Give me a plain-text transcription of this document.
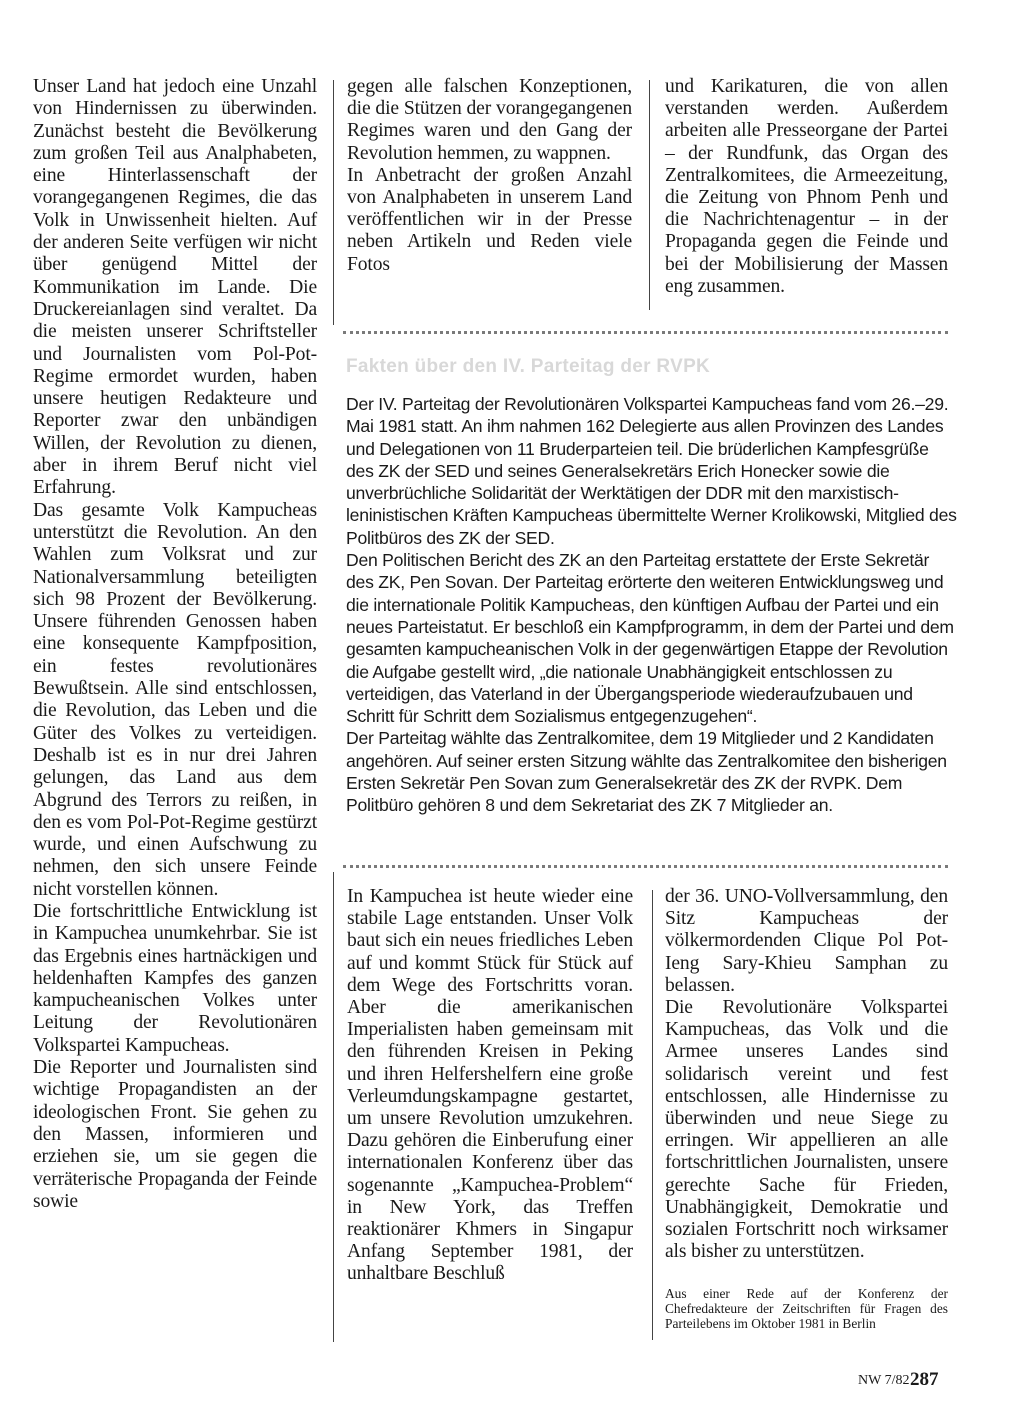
Unser Land hat jedoch eine Unzahl von Hindernissen zu überwinden. Zunächst besteht die Bevölkerung zum großen Teil aus Analphabeten, eine Hinterlassenschaft der vorangegangenen Regimes, die das Volk in Unwissenheit hielten. Auf der anderen Seite verfügen wir nicht über genügend Mittel der Kommunikation im Lande. Die Druckereianlagen sind veraltet. Da die meisten unserer Schriftsteller und Journalisten vom Pol-Pot-Regime ermordet wurden, haben unsere heutigen Redakteure und Reporter zwar den unbändigen Willen, der Revolution zu dienen, aber in ihrem Beruf nicht viel Erfahrung.

Das gesamte Volk Kampucheas unterstützt die Revolution. An den Wahlen zum Volksrat und zur Nationalversammlung beteiligten sich 98 Prozent der Bevölkerung. Unsere führenden Genossen haben eine konsequente Kampfposition, ein festes revolutionäres Bewußtsein. Alle sind entschlossen, die Revolution, das Leben und die Güter des Volkes zu verteidigen. Deshalb ist es in nur drei Jahren gelungen, das Land aus dem Abgrund des Terrors zu reißen, in den es vom Pol-Pot-Regime gestürzt wurde, und einen Aufschwung zu nehmen, den sich unsere Feinde nicht vorstellen können.

Die fortschrittliche Entwicklung ist in Kampuchea unumkehrbar. Sie ist das Ergebnis eines hartnäckigen und heldenhaften Kampfes des ganzen kampucheanischen Volkes unter Leitung der Revolutionären Volkspartei Kampucheas.

Die Reporter und Journalisten sind wichtige Propagandisten an der ideologischen Front. Sie gehen zu den Massen, informieren und erziehen sie, um sie gegen die verräterische Propaganda der Feinde sowie

gegen alle falschen Konzeptionen, die die Stützen der vorangegangenen Regimes waren und den Gang der Revolution hemmen, zu wappnen.

In Anbetracht der großen Anzahl von Analphabeten in unserem Land veröffentlichen wir in der Presse neben Artikeln und Reden viele Fotos

und Karikaturen, die von allen verstanden werden. Außerdem arbeiten alle Presseorgane der Partei – der Rundfunk, das Organ des Zentralkomitees, die Armeezeitung, die Zeitung von Phnom Penh und die Nachrichtenagentur – in der Propaganda gegen die Feinde und bei der Mobilisierung der Massen eng zusammen.

Fakten über den IV. Parteitag der RVPK

Der IV. Parteitag der Revolutionären Volkspartei Kampucheas fand vom 26.–29. Mai 1981 statt. An ihm nahmen 162 Delegierte aus allen Provinzen des Landes und Delegationen von 11 Bruderparteien teil. Die brüderlichen Kampfesgrüße des ZK der SED und seines Generalsekretärs Erich Honecker sowie die unverbrüchliche Solidarität der Werktätigen der DDR mit den marxistisch-leninistischen Kräften Kampucheas übermittelte Werner Krolikowski, Mitglied des Politbüros des ZK der SED.

Den Politischen Bericht des ZK an den Parteitag erstattete der Erste Sekretär des ZK, Pen Sovan. Der Parteitag erörterte den weiteren Entwicklungsweg und die internationale Politik Kampucheas, den künftigen Aufbau der Partei und ein neues Parteistatut. Er beschloß ein Kampfprogramm, in dem der Partei und dem gesamten kampucheanischen Volk in der gegenwärtigen Etappe der Revolution die Aufgabe gestellt wird, „die nationale Unabhängigkeit entschlossen zu verteidigen, das Vaterland in der Übergangsperiode wiederaufzubauen und Schritt für Schritt dem Sozialismus entgegenzugehen“.

Der Parteitag wählte das Zentralkomitee, dem 19 Mitglieder und 2 Kandidaten angehören. Auf seiner ersten Sitzung wählte das Zentralkomitee den bisherigen Ersten Sekretär Pen Sovan zum Generalsekretär des ZK der RVPK. Dem Politbüro gehören 8 und dem Sekretariat des ZK 7 Mitglieder an.

In Kampuchea ist heute wieder eine stabile Lage entstanden. Unser Volk baut sich ein neues friedliches Leben auf und kommt Stück für Stück auf dem Wege des Fortschritts voran. Aber die amerikanischen Imperialisten haben gemeinsam mit den führenden Kreisen in Peking und ihren Helfershelfern eine große Verleumdungskampagne gestartet, um unsere Revolution umzukehren. Dazu gehören die Einberufung einer internationalen Konferenz über das sogenannte „Kampuchea-Problem“ in New York, das Treffen reaktionärer Khmers in Singapur Anfang September 1981, der unhaltbare Beschluß

der 36. UNO-Vollversammlung, den Sitz Kampucheas der völkermordenden Clique Pol Pot-Ieng Sary-Khieu Samphan zu belassen.

Die Revolutionäre Volkspartei Kampucheas, das Volk und die Armee unseres Landes sind solidarisch vereint und fest entschlossen, alle Hindernisse zu überwinden und neue Siege zu erringen. Wir appellieren an alle fortschrittlichen Journalisten, unsere gerechte Sache für Frieden, Unabhängigkeit, Demokratie und sozialen Fortschritt noch wirksamer als bisher zu unterstützen.

Aus einer Rede auf der Konferenz der Chefredakteure der Zeitschriften für Fragen des Parteilebens im Oktober 1981 in Berlin
NW 7/82 287
